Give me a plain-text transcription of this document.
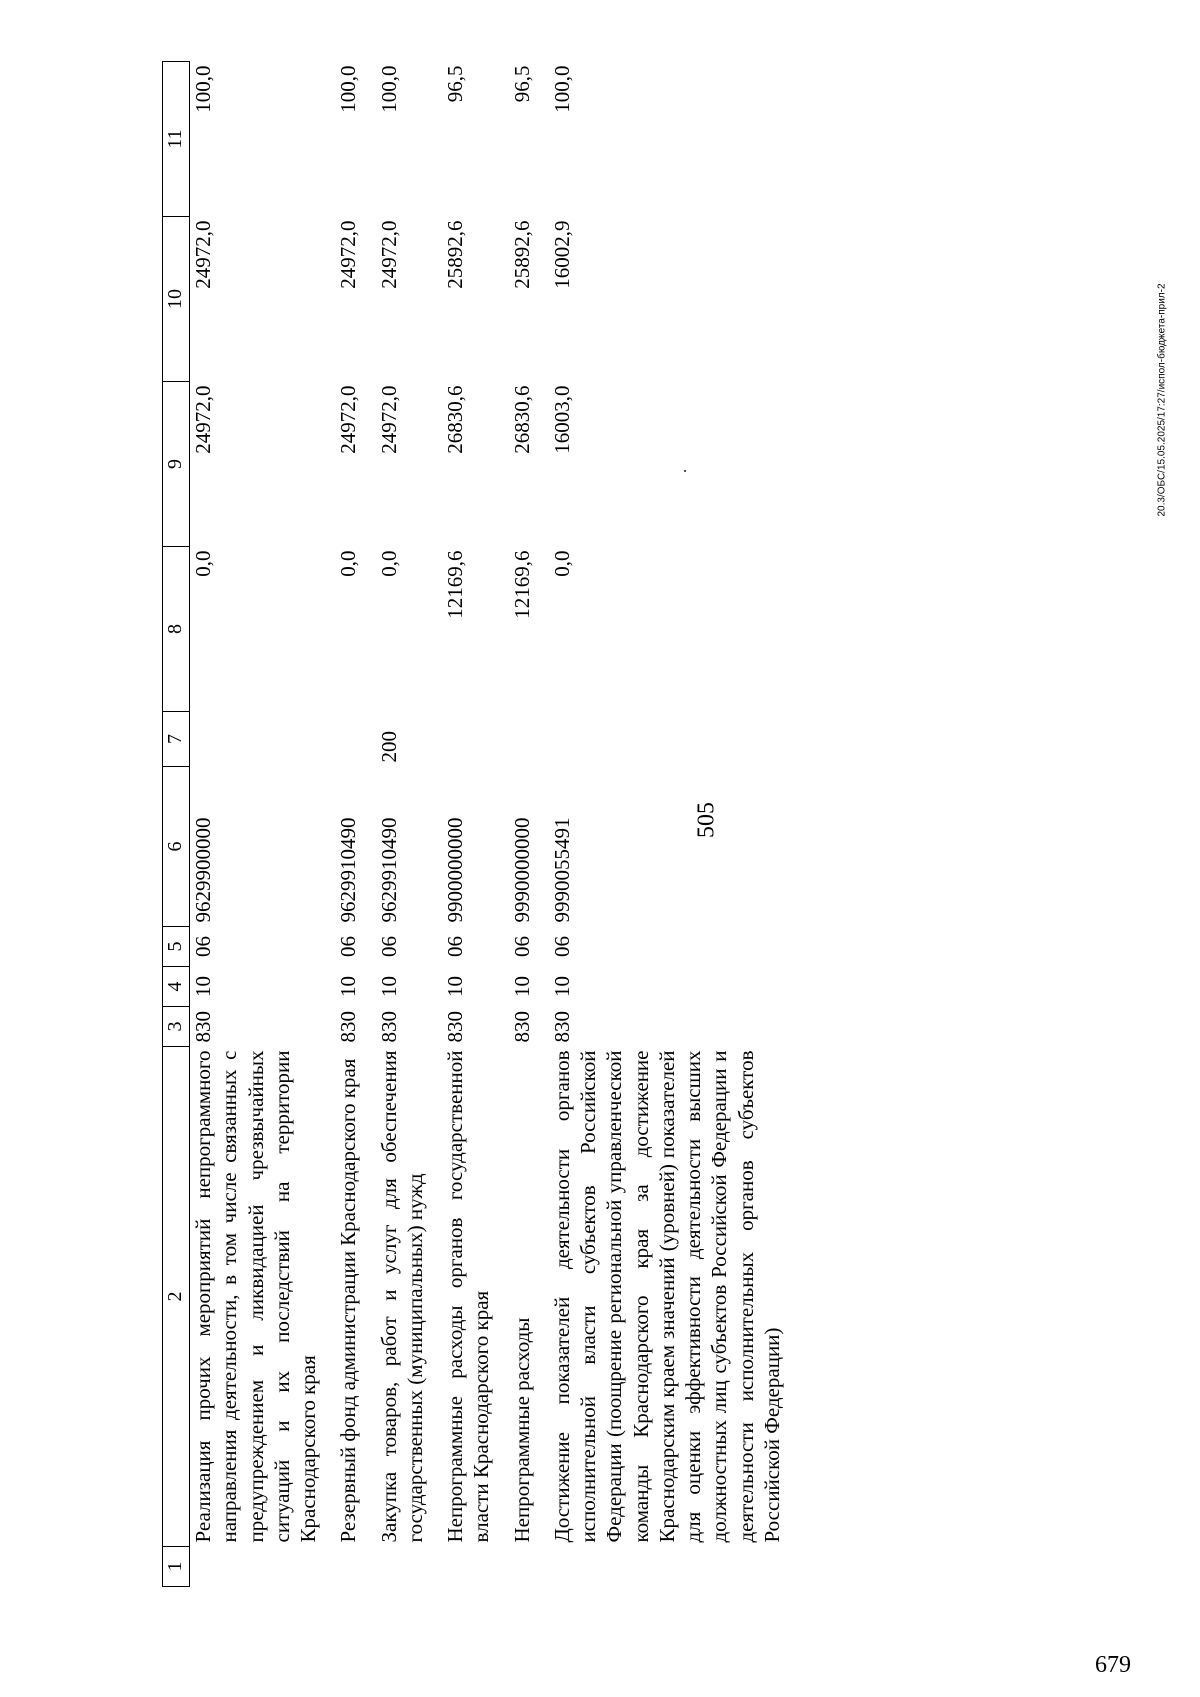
505
20.3/ОБС/15.05.2025/17:27/испол-бюджета-прил-2
679
1	2	3	4	5	6	7	8	9	10	11
	Реализация прочих мероприятий непрограммного направления деятельности, в том числе связанных с предупреждением и ликвидацией чрезвычайных ситуаций и их последствий на территории Краснодарского края	830	10	06	9629900000		0,0	24972,0	24972,0	100,0

	Резервный фонд администрации Краснодарского края	830	10	06	9629910490		0,0	24972,0	24972,0	100,0

	Закупка товаров, работ и услуг для обеспечения государственных (муниципальных) нужд	830	10	06	9629910490	200	0,0	24972,0	24972,0	100,0

	Непрограммные расходы органов государственной власти Краснодарского края	830	10	06	9900000000		12169,6	26830,6	25892,6	96,5

	Непрограммные расходы	830	10	06	9990000000		12169,6	26830,6	25892,6	96,5

	Достижение показателей деятельности органов исполнительной власти субъектов Российской Федерации (поощрение региональной управленческой команды Краснодарского края за достижение Краснодарским краем значений (уровней) показателей для оценки эффективности деятельности высших должностных лиц субъектов Российской Федерации и деятельности исполнительных органов субъектов Российской Федерации)	830	10	06	9990055491		0,0	16003,0	16002,9	100,0
